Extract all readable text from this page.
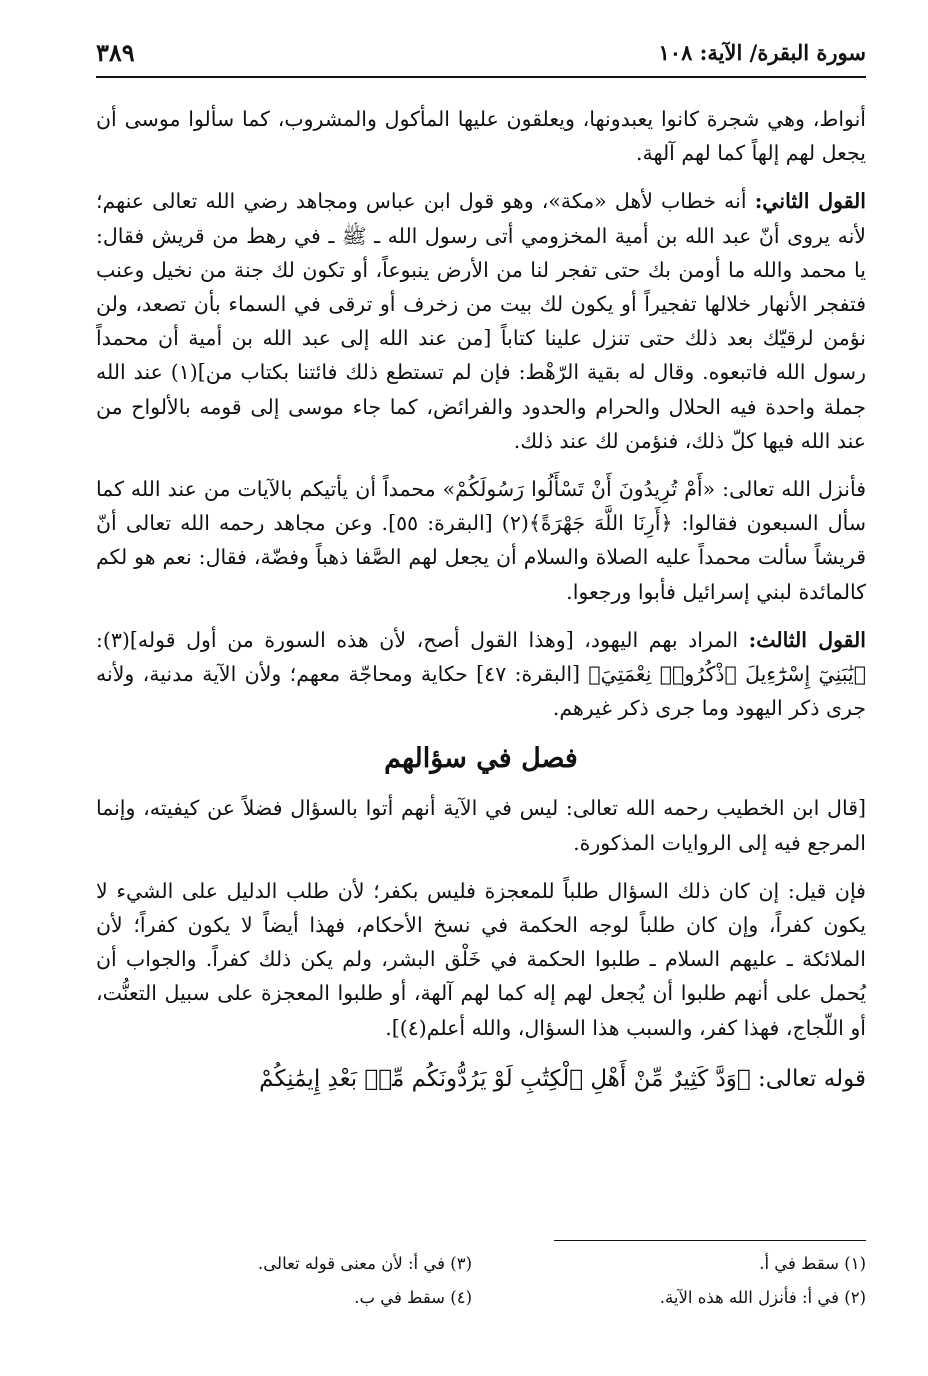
سورة البقرة/ الآية: ١٠٨
٣٨٩

أنواط، وهي شجرة كانوا يعبدونها، ويعلقون عليها المأكول والمشروب، كما سألوا موسى أن يجعل لهم إلهاً كما لهم آلهة.

القول الثاني: أنه خطاب لأهل «مكة»، وهو قول ابن عباس ومجاهد رضي الله تعالى عنهم؛ لأنه يروى أنّ عبد الله بن أمية المخزومي أتى رسول الله ـ ﷺ ـ في رهط من قريش فقال: يا محمد والله ما أومن بك حتى تفجر لنا من الأرض ينبوعاً، أو تكون لك جنة من نخيل وعنب فتفجر الأنهار خلالها تفجيراً أو يكون لك بيت من زخرف أو ترقى في السماء بأن تصعد، ولن نؤمن لرقيّك بعد ذلك حتى تنزل علينا كتاباً [من عند الله إلى عبد الله بن أمية أن محمداً رسول الله فاتبعوه. وقال له بقية الرّهْط: فإن لم تستطع ذلك فائتنا بكتاب من](١) عند الله جملة واحدة فيه الحلال والحرام والحدود والفرائض، كما جاء موسى إلى قومه بالألواح من عند الله فيها كلّ ذلك، فنؤمن لك عند ذلك.

فأنزل الله تعالى: «أَمْ تُرِيدُونَ أَنْ تَسْأَلُوا رَسُولَكُمْ» محمداً أن يأتيكم بالآيات من عند الله كما سأل السبعون فقالوا: ﴿أَرِنَا اللَّهَ جَهْرَةً﴾(٢) [البقرة: ٥٥]. وعن مجاهد رحمه الله تعالى أنّ قريشاً سألت محمداً عليه الصلاة والسلام أن يجعل لهم الصَّفا ذهباً وفضّة، فقال: نعم هو لكم كالمائدة لبني إسرائيل فأبوا ورجعوا.

القول الثالث: المراد بهم اليهود، [وهذا القول أصح، لأن هذه السورة من أول قوله](٣): ﴿يَٰبَنِيٓ إِسْرَٰٓءِيلَ ٱذْكُرُوا۟ نِعْمَتِيَ﴾ [البقرة: ٤٧] حكاية ومحاجّة معهم؛ ولأن الآية مدنية، ولأنه جرى ذكر اليهود وما جرى ذكر غيرهم.

فصل في سؤالهم

[قال ابن الخطيب رحمه الله تعالى: ليس في الآية أنهم أتوا بالسؤال فضلاً عن كيفيته، وإنما المرجع فيه إلى الروايات المذكورة.

فإن قيل: إن كان ذلك السؤال طلباً للمعجزة فليس بكفر؛ لأن طلب الدليل على الشيء لا يكون كفراً، وإن كان طلباً لوجه الحكمة في نسخ الأحكام، فهذا أيضاً لا يكون كفراً؛ لأن الملائكة ـ عليهم السلام ـ طلبوا الحكمة في خَلْق البشر، ولم يكن ذلك كفراً. والجواب أن يُحمل على أنهم طلبوا أن يُجعل لهم إله كما لهم آلهة، أو طلبوا المعجزة على سبيل التعنُّت، أو اللّجاج، فهذا كفر، والسبب هذا السؤال، والله أعلم(٤)].

قوله تعالى: ﴿وَدَّ كَثِيرٌ مِّنْ أَهْلِ ٱلْكِتَٰبِ لَوْ يَرُدُّونَكُم مِّنۢ بَعْدِ إِيمَٰنِكُمْ
(١) سقط في أ.
(٢) في أ: فأنزل الله هذه الآية.
(٣) في أ: لأن معنى قوله تعالى.
(٤) سقط في ب.
